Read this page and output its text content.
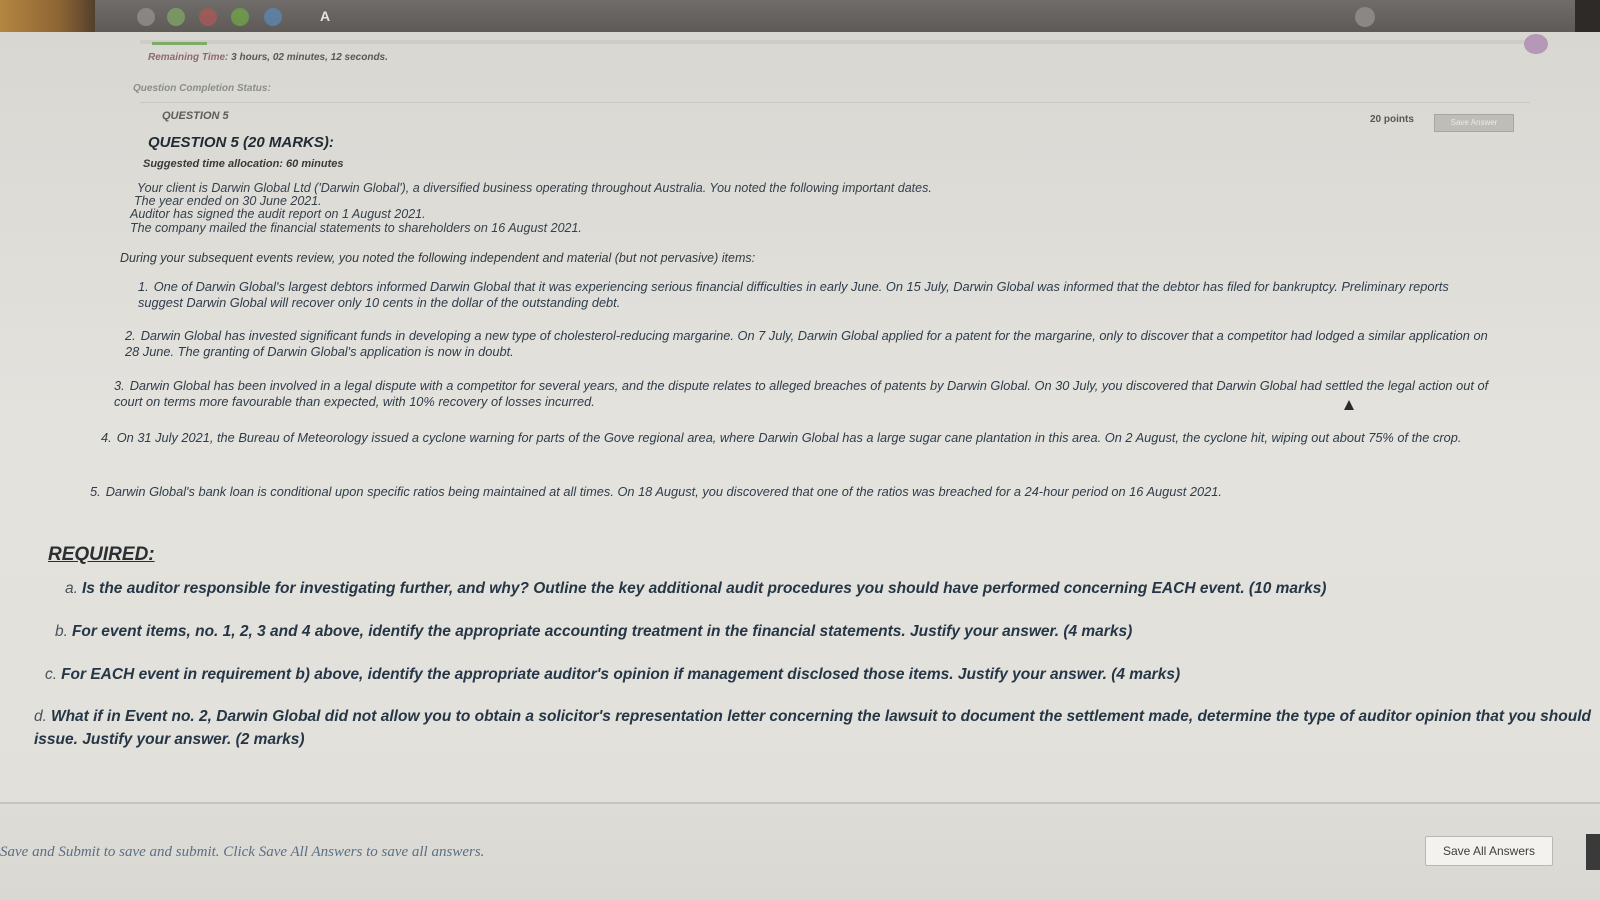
A
Remaining Time: 3 hours, 02 minutes, 12 seconds.
Question Completion Status:
QUESTION 5	20 points	Save Answer
QUESTION 5 (20 MARKS):
Suggested time allocation: 60 minutes
Your client is Darwin Global Ltd ('Darwin Global'), a diversified business operating throughout Australia. You noted the following important dates.
The year ended on 30 June 2021.
Auditor has signed the audit report on 1 August 2021.
The company mailed the financial statements to shareholders on 16 August 2021.
During your subsequent events review, you noted the following independent and material (but not pervasive) items:
1. One of Darwin Global's largest debtors informed Darwin Global that it was experiencing serious financial difficulties in early June. On 15 July, Darwin Global was informed that the debtor has filed for bankruptcy. Preliminary reports suggest Darwin Global will recover only 10 cents in the dollar of the outstanding debt.
2. Darwin Global has invested significant funds in developing a new type of cholesterol-reducing margarine. On 7 July, Darwin Global applied for a patent for the margarine, only to discover that a competitor had lodged a similar application on 28 June. The granting of Darwin Global's application is now in doubt.
3. Darwin Global has been involved in a legal dispute with a competitor for several years, and the dispute relates to alleged breaches of patents by Darwin Global. On 30 July, you discovered that Darwin Global had settled the legal action out of court on terms more favourable than expected, with 10% recovery of losses incurred.
4. On 31 July 2021, the Bureau of Meteorology issued a cyclone warning for parts of the Gove regional area, where Darwin Global has a large sugar cane plantation in this area. On 2 August, the cyclone hit, wiping out about 75% of the crop.
5. Darwin Global's bank loan is conditional upon specific ratios being maintained at all times. On 18 August, you discovered that one of the ratios was breached for a 24-hour period on 16 August 2021.
REQUIRED:
a. Is the auditor responsible for investigating further, and why? Outline the key additional audit procedures you should have performed concerning EACH event. (10 marks)
b. For event items, no. 1, 2, 3 and 4 above, identify the appropriate accounting treatment in the financial statements. Justify your answer. (4 marks)
c. For EACH event in requirement b) above, identify the appropriate auditor's opinion if management disclosed those items. Justify your answer. (4 marks)
d. What if in Event no. 2, Darwin Global did not allow you to obtain a solicitor's representation letter concerning the lawsuit to document the settlement made, determine the type of auditor opinion that you should issue. Justify your answer. (2 marks)
Save and Submit to save and submit. Click Save All Answers to save all answers.	Save All Answers
